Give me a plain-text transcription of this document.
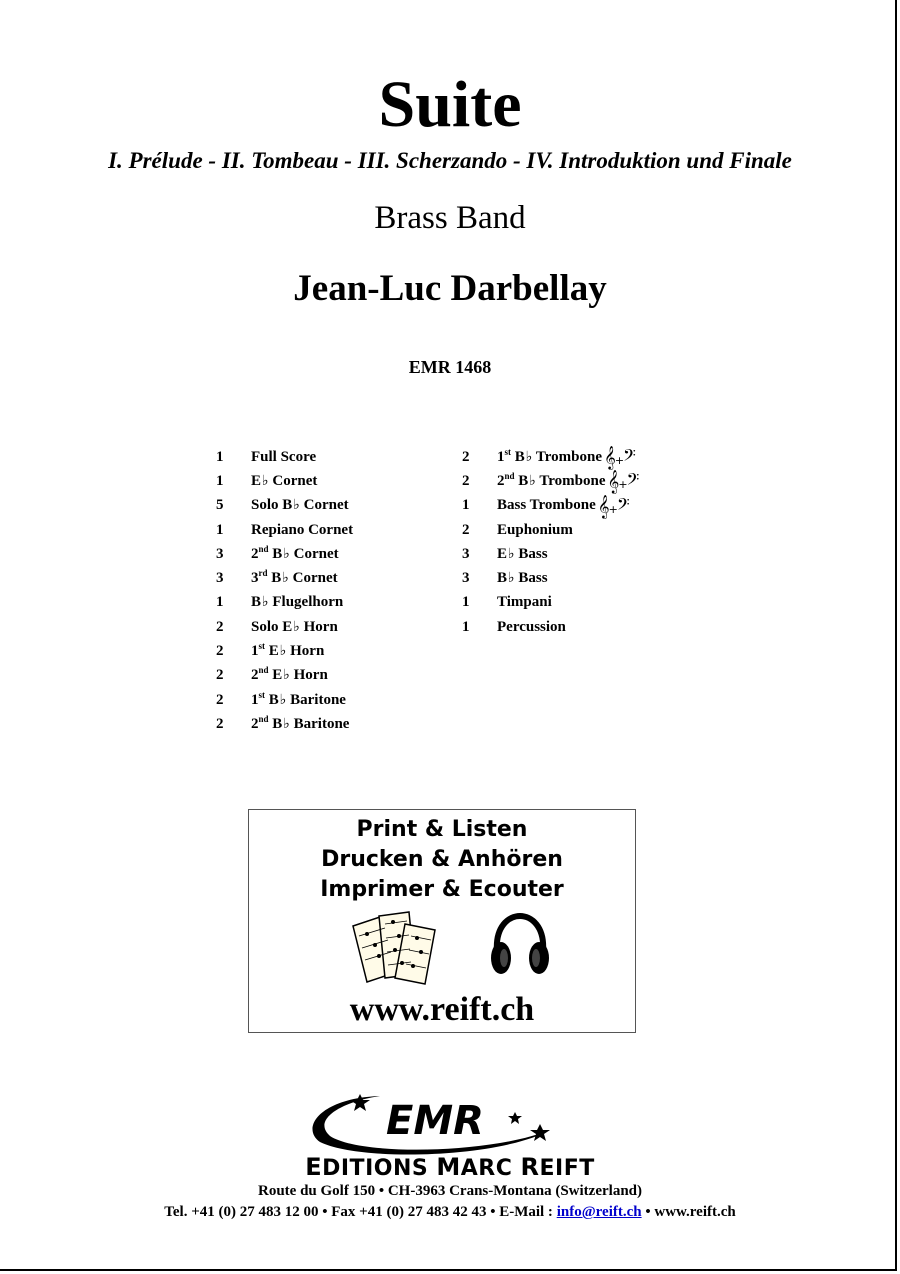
Suite
I. Prélude - II. Tombeau - III. Scherzando - IV. Introduktion und Finale
Brass Band
Jean-Luc Darbellay
EMR 1468
1	Full Score
1	E♭ Cornet
5	Solo B♭ Cornet
1	Repiano Cornet
3	2nd B♭ Cornet
3	3rd B♭ Cornet
1	B♭ Flugelhorn
2	Solo E♭ Horn
2	1st E♭ Horn
2	2nd E♭ Horn
2	1st B♭ Baritone
2	2nd B♭ Baritone
2	1st B♭ Trombone 𝄞+𝄢
2	2nd B♭ Trombone 𝄞+𝄢
1	Bass Trombone 𝄞+𝄢
2	Euphonium
3	E♭ Bass
3	B♭ Bass
1	Timpani
1	Percussion
Print & Listen
Drucken & Anhören
Imprimer & Ecouter
www.reift.ch
EMR
EDITIONS MARC REIFT
Route du Golf 150 • CH-3963 Crans-Montana (Switzerland)
Tel. +41 (0) 27 483 12 00 • Fax +41 (0) 27 483 42 43 • E-Mail : info@reift.ch • www.reift.ch
